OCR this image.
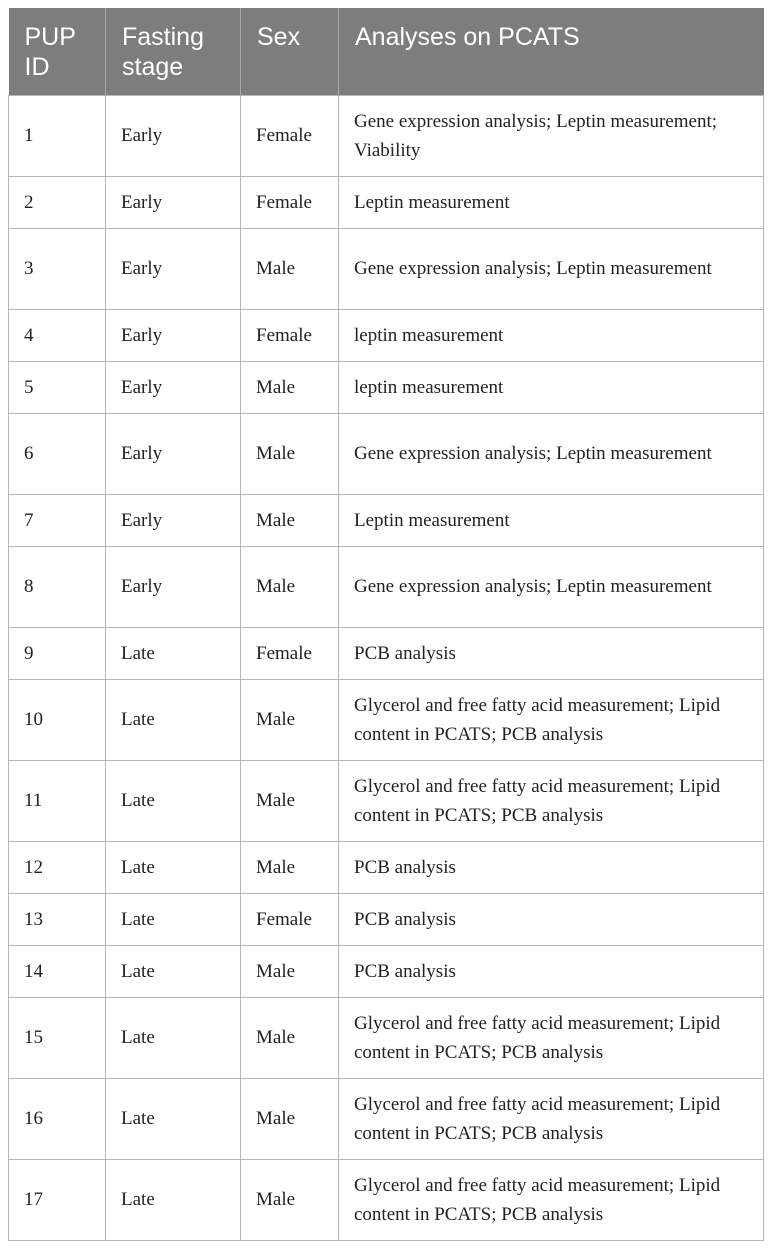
PUP ID	Fasting stage	Sex	Analyses on PCATS
1	Early	Female	Gene expression analysis; Leptin measurement; Viability
2	Early	Female	Leptin measurement
3	Early	Male	Gene expression analysis; Leptin measurement
4	Early	Female	leptin measurement
5	Early	Male	leptin measurement
6	Early	Male	Gene expression analysis; Leptin measurement
7	Early	Male	Leptin measurement
8	Early	Male	Gene expression analysis; Leptin measurement
9	Late	Female	PCB analysis
10	Late	Male	Glycerol and free fatty acid measurement; Lipid content in PCATS; PCB analysis
11	Late	Male	Glycerol and free fatty acid measurement; Lipid content in PCATS; PCB analysis
12	Late	Male	PCB analysis
13	Late	Female	PCB analysis
14	Late	Male	PCB analysis
15	Late	Male	Glycerol and free fatty acid measurement; Lipid content in PCATS; PCB analysis
16	Late	Male	Glycerol and free fatty acid measurement; Lipid content in PCATS; PCB analysis
17	Late	Male	Glycerol and free fatty acid measurement; Lipid content in PCATS; PCB analysis
